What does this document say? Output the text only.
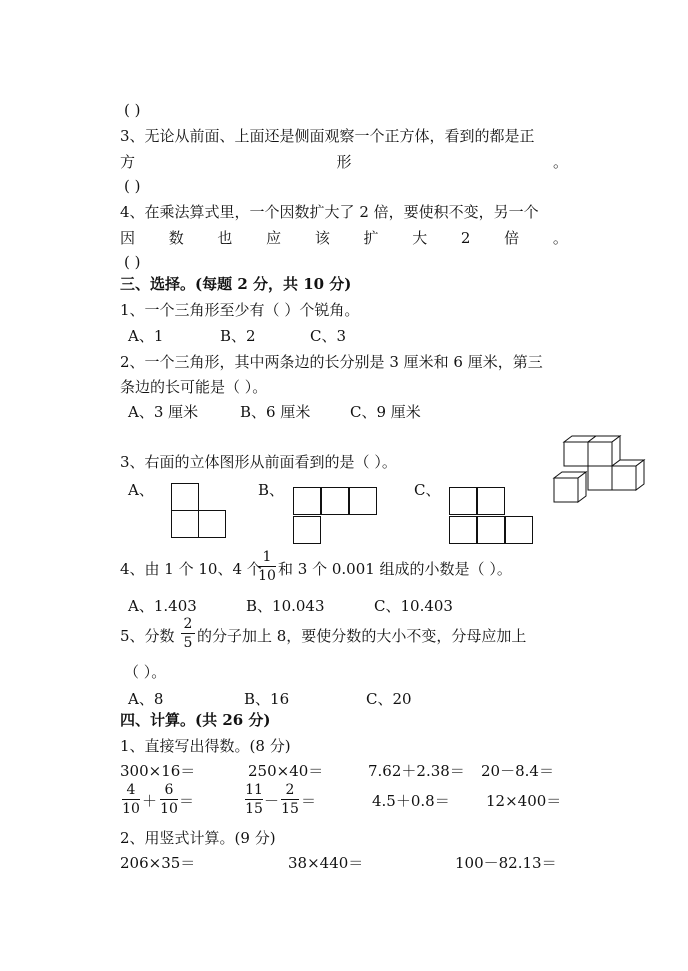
( )
3、无论从前面、上面还是侧面观察一个正方体，看到的都是正
方	形	。
( )
4、在乘法算式里，一个因数扩大了 2 倍，要使积不变，另一个
因 数 也 应 该 扩 大 2 倍 。
( )
三、选择。(每题 2 分，共 10 分)
1、一个三角形至少有（ ）个锐角。
A、1	B、2	C、3
2、一个三角形，其中两条边的长分别是 3 厘米和 6 厘米，第三
条边的长可能是（ ）。
A、3 厘米	B、6 厘米	C、9 厘米
3、右面的立体图形从前面看到的是（ ）。
A、	B、	C、
4、由 1 个 10、4 个
1
10 和 3 个 0.001 组成的小数是（ ）。
A、1.403	B、10.043	C、10.403
5、分数
2
5 的分子加上 8，要使分数的大小不变，分母应加上
（ ）。
A、8	B、16	C、20
四、计算。(共 26 分)
1、直接写出得数。(8 分)
300×16＝	250×40＝	7.62＋2.38＝ 20－8.4＝
4
10 ＋
6
10 ＝
11
15 －
2
15 ＝	4.5＋0.8＝ 12×400＝
2、用竖式计算。(9 分)
206×35＝	38×440＝	100－82.13＝
